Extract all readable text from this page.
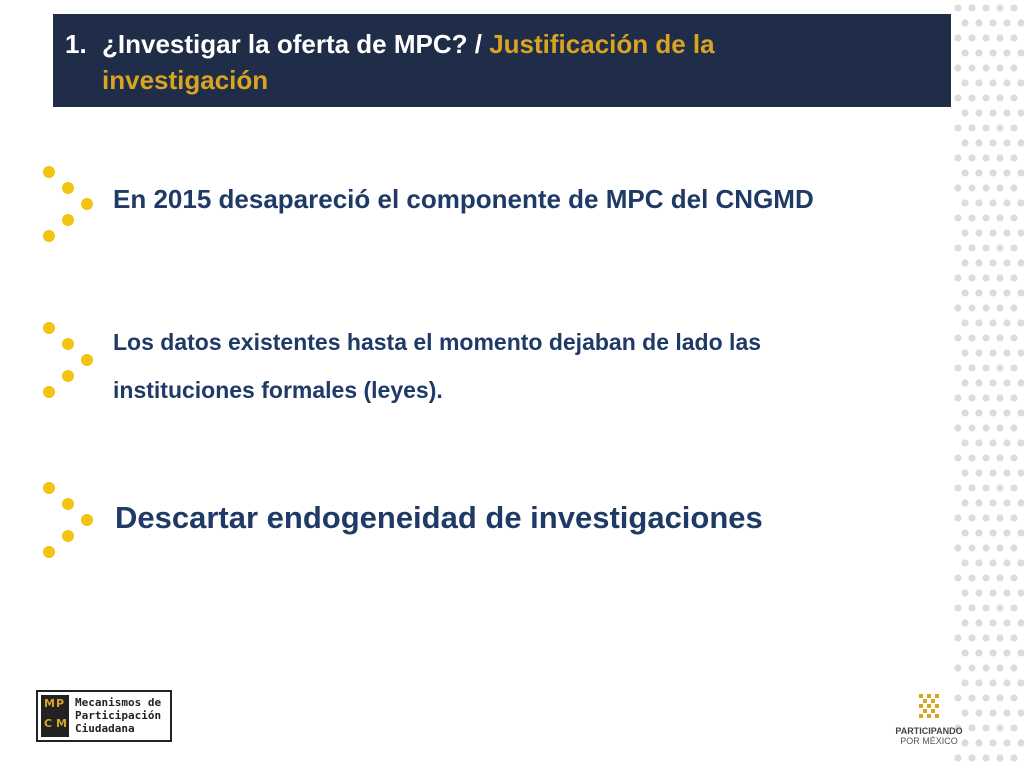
1. ¿Investigar la oferta de MPC? / Justificación de la investigación
En 2015 desapareció el componente de MPC del CNGMD
Los datos existentes hasta el momento dejaban de lado las instituciones formales (leyes).
Descartar endogeneidad de investigaciones
M P
C M
Mecanismos de
Participación
Ciudadana	PARTICIPANDO
POR MÉXICO
